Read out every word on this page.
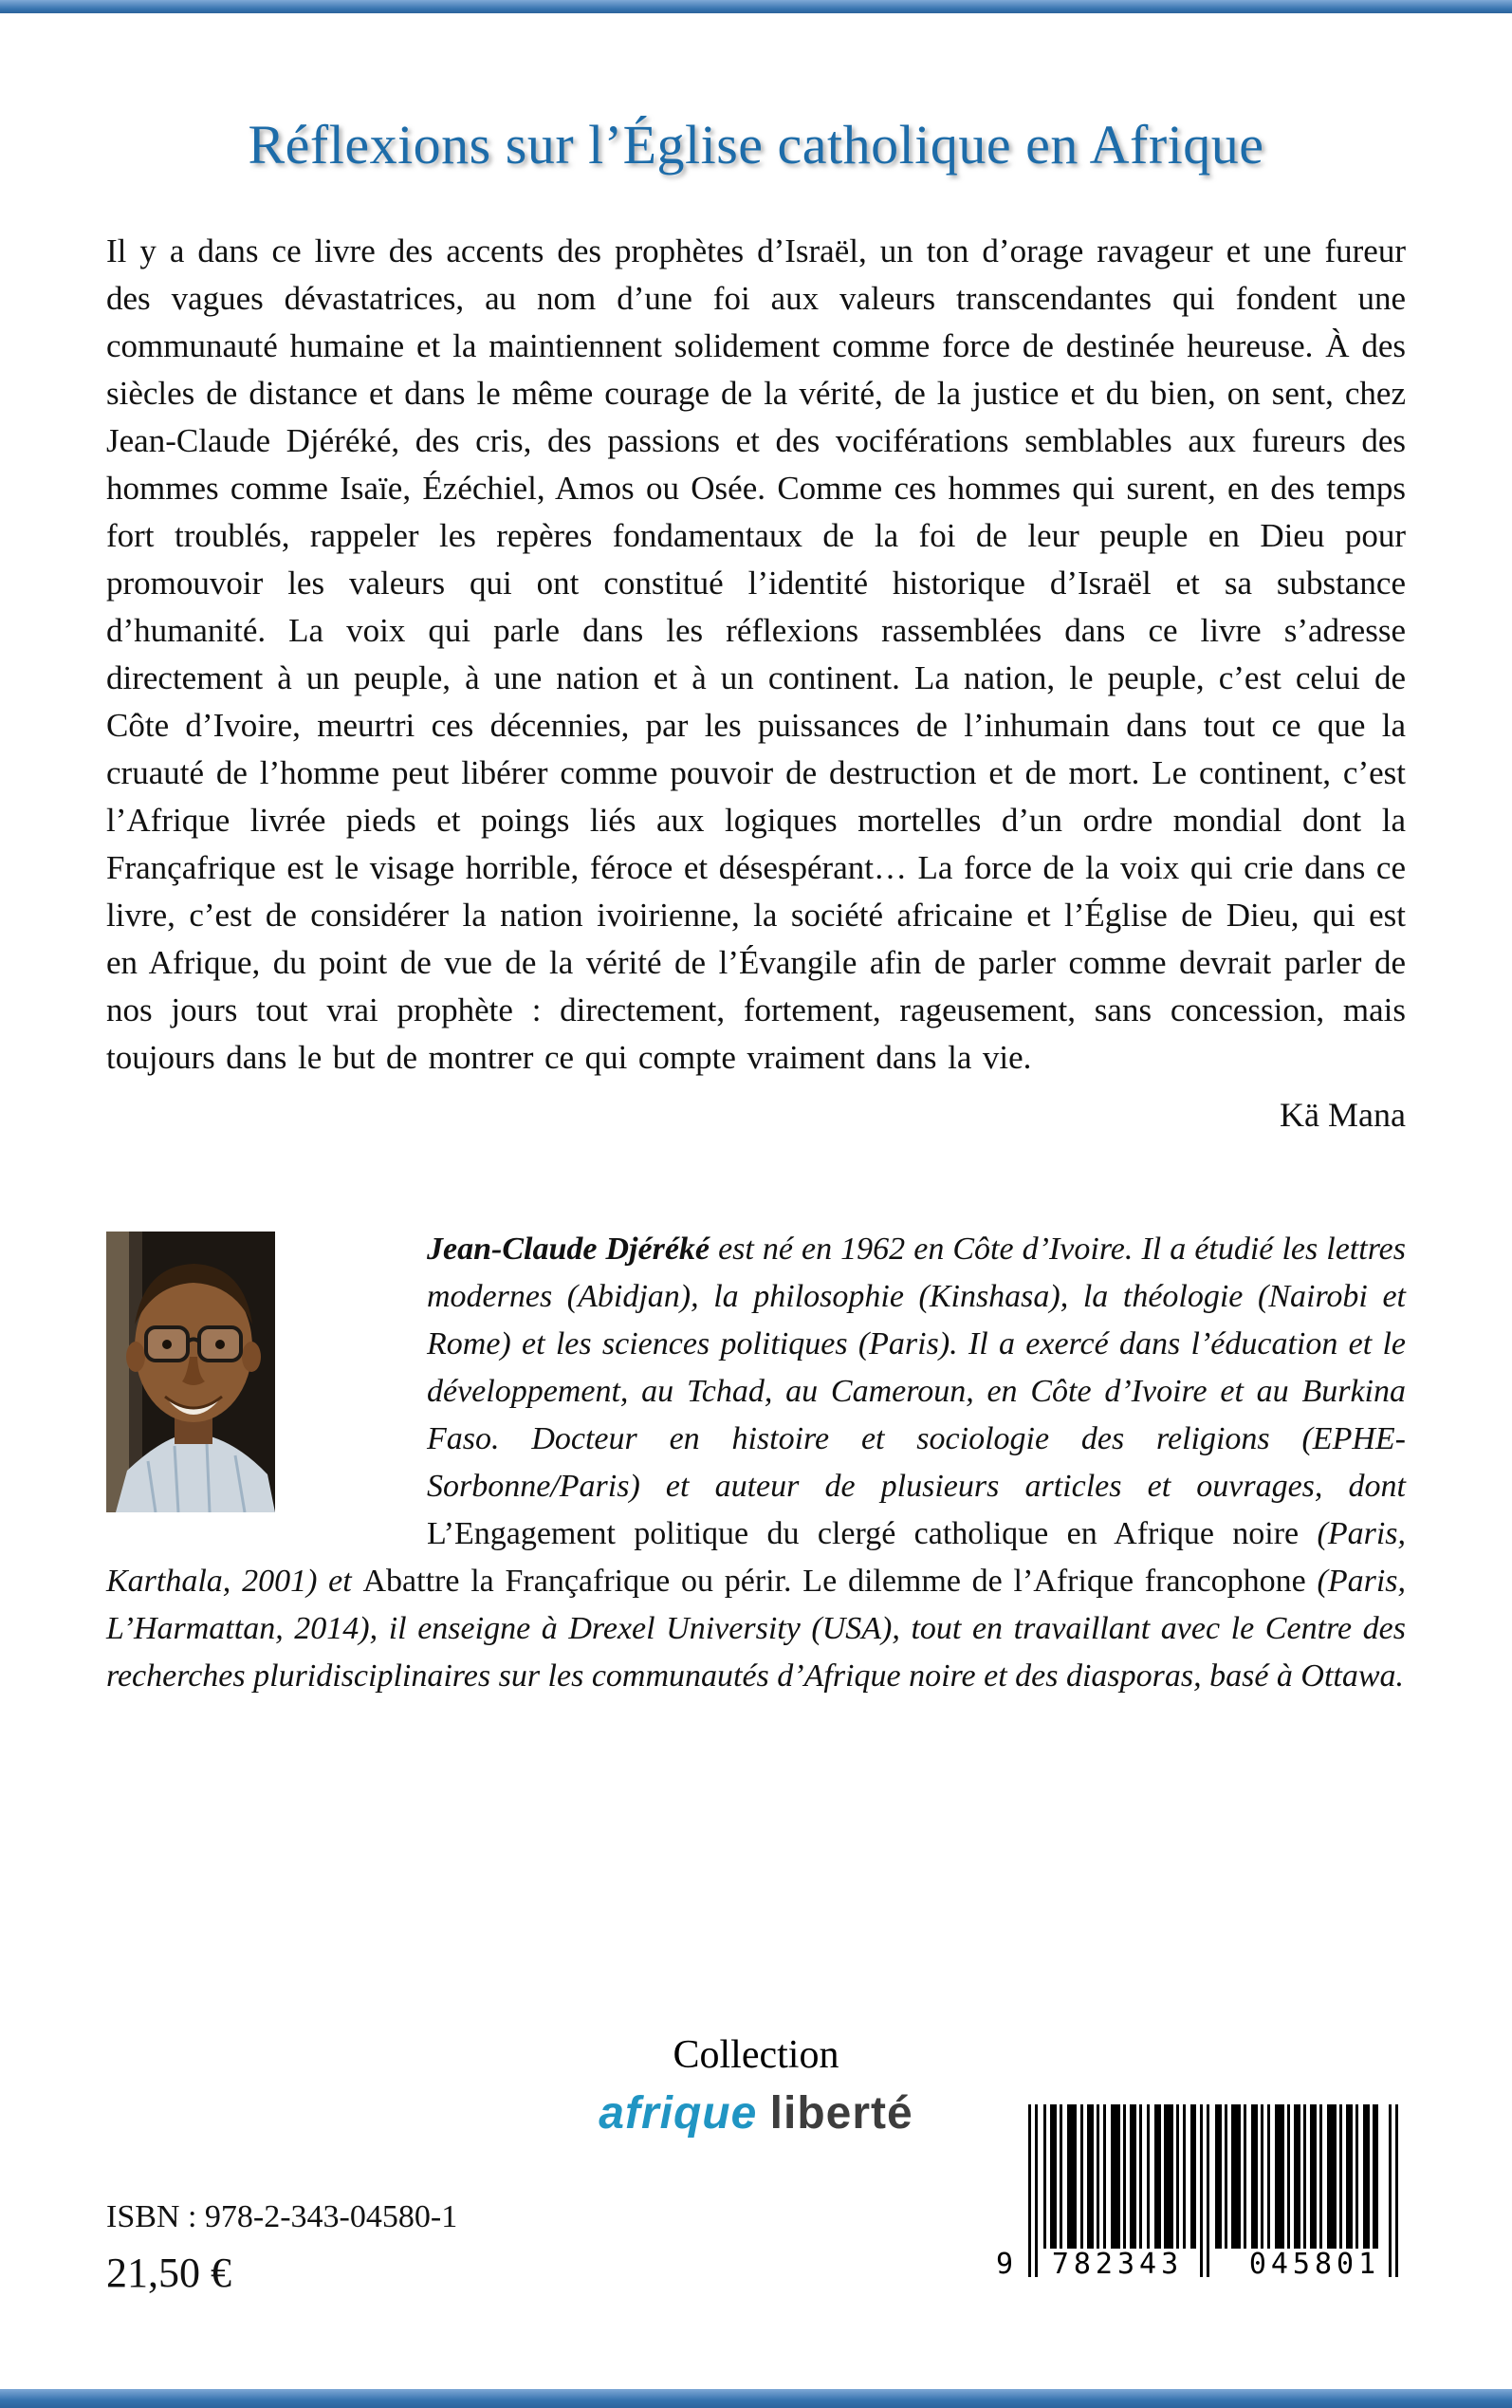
Réflexions sur l’Église catholique en Afrique

Il y a dans ce livre des accents des prophètes d’Israël, un ton d’orage ravageur et une fureur des vagues dévastatrices, au nom d’une foi aux valeurs transcendantes qui fondent une communauté humaine et la maintiennent solidement comme force de destinée heureuse. À des siècles de distance et dans le même courage de la vérité, de la justice et du bien, on sent, chez Jean-Claude Djéréké, des cris, des passions et des vociférations semblables aux fureurs des hommes comme Isaïe, Ézéchiel, Amos ou Osée. Comme ces hommes qui surent, en des temps fort troublés, rappeler les repères fondamentaux de la foi de leur peuple en Dieu pour promouvoir les valeurs qui ont constitué l’identité historique d’Israël et sa substance d’humanité. La voix qui parle dans les réflexions rassemblées dans ce livre s’adresse directement à un peuple, à une nation et à un continent. La nation, le peuple, c’est celui de Côte d’Ivoire, meurtri ces décennies, par les puissances de l’inhumain dans tout ce que la cruauté de l’homme peut libérer comme pouvoir de destruction et de mort. Le continent, c’est l’Afrique livrée pieds et poings liés aux logiques mortelles d’un ordre mondial dont la Françafrique est le visage horrible, féroce et désespérant… La force de la voix qui crie dans ce livre, c’est de considérer la nation ivoirienne, la société africaine et l’Église de Dieu, qui est en Afrique, du point de vue de la vérité de l’Évangile afin de parler comme devrait parler de nos jours tout vrai prophète : directement, fortement, rageusement, sans concession, mais toujours dans le but de montrer ce qui compte vraiment dans la vie.

Kä Mana

Jean-Claude Djéréké est né en 1962 en Côte d’Ivoire. Il a étudié les lettres modernes (Abidjan), la philosophie (Kinshasa), la théologie (Nairobi et Rome) et les sciences politiques (Paris). Il a exercé dans l’éducation et le développement, au Tchad, au Cameroun, en Côte d’Ivoire et au Burkina Faso. Docteur en histoire et sociologie des religions (EPHE-Sorbonne/Paris) et auteur de plusieurs articles et ouvrages, dont L’Engagement politique du clergé catholique en Afrique noire (Paris, Karthala, 2001) et Abattre la Françafrique ou périr. Le dilemme de l’Afrique francophone (Paris, L’Harmattan, 2014), il enseigne à Drexel University (USA), tout en travaillant avec le Centre des recherches pluridisciplinaires sur les communautés d’Afrique noire et des diasporas, basé à Ottawa.

Collection
afrique liberté
ISBN : 978-2-343-04580-1
21,50 €	9	782343	045801
